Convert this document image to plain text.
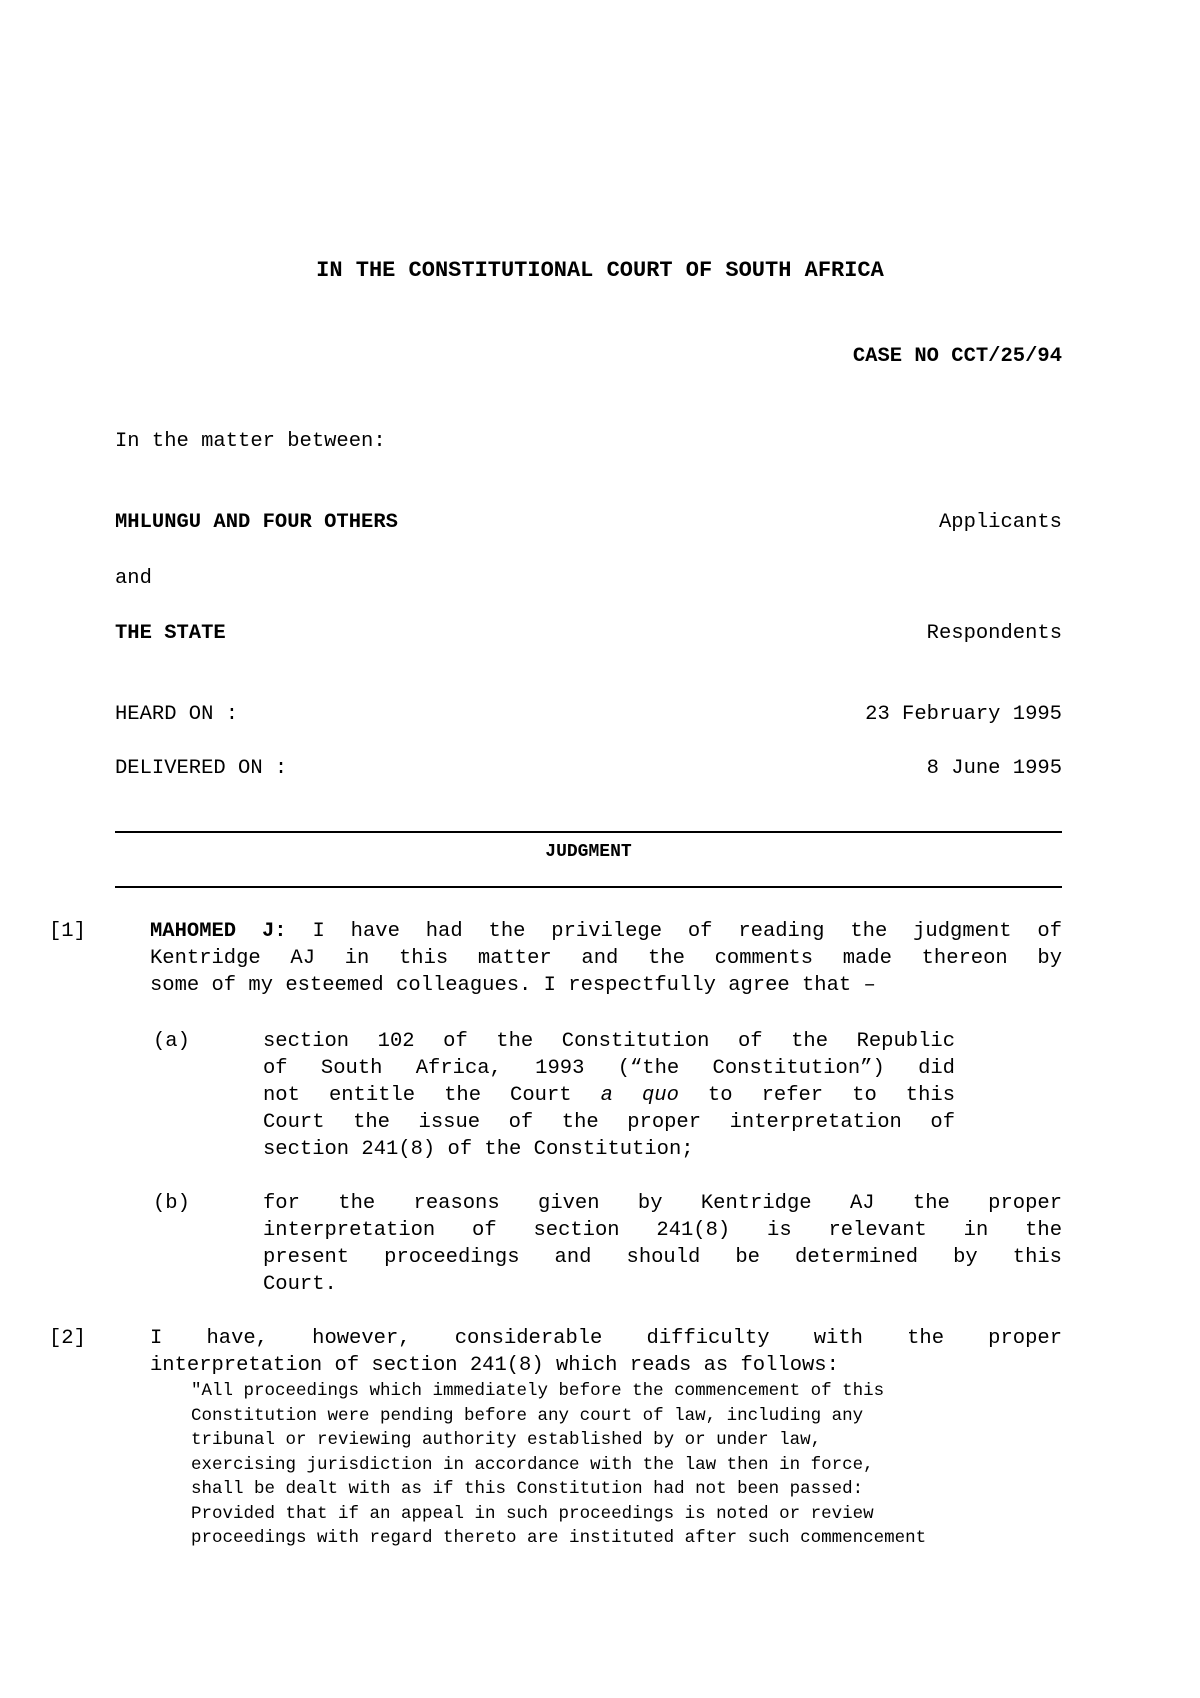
IN THE CONSTITUTIONAL COURT OF SOUTH AFRICA
CASE NO CCT/25/94
In the matter between:
MHLUNGU AND FOUR OTHERS	Applicants
and
THE STATE	Respondents
HEARD ON :	23 February 1995
DELIVERED ON :	8 June 1995
JUDGMENT
[1]	MAHOMED J: I have had the privilege of reading the judgment of
Kentridge AJ in this matter and the comments made thereon by
some of my esteemed colleagues. I respectfully agree that –
(a)	section 102 of the Constitution of the Republic
of South Africa, 1993 (“the Constitution”) did
not entitle the Court a quo to refer to this
Court the issue of the proper interpretation of
section 241(8) of the Constitution;
(b)	for the reasons given by Kentridge AJ the proper
interpretation of section 241(8) is relevant in the
present proceedings and should be determined by this
Court.
[2]	I have, however, considerable difficulty with the proper
interpretation of section 241(8) which reads as follows:
"All proceedings which immediately before the commencement of this
Constitution were pending before any court of law, including any
tribunal or reviewing authority established by or under law,
exercising jurisdiction in accordance with the law then in force,
shall be dealt with as if this Constitution had not been passed:
Provided that if an appeal in such proceedings is noted or review
proceedings with regard thereto are instituted after such commencement
